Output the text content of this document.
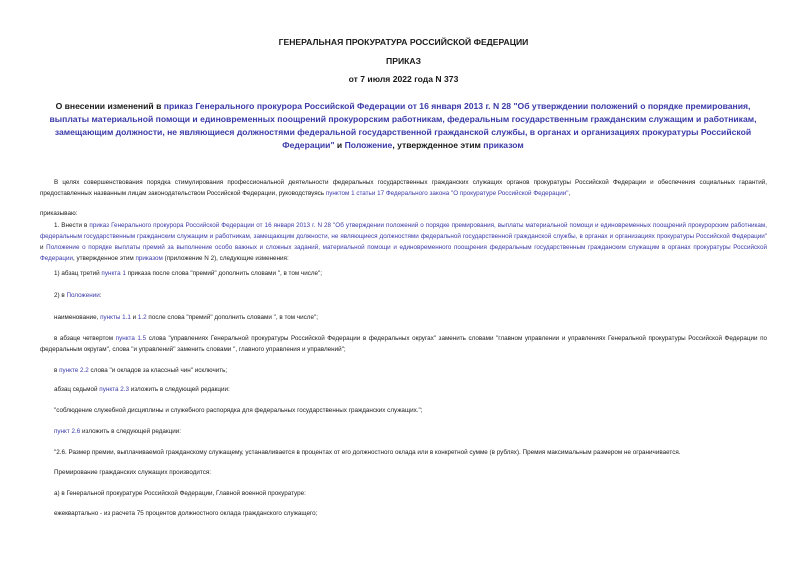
ГЕНЕРАЛЬНАЯ ПРОКУРАТУРА РОССИЙСКОЙ ФЕДЕРАЦИИ
ПРИКАЗ
от 7 июля 2022 года N 373
О внесении изменений в приказ Генерального прокурора Российской Федерации от 16 января 2013 г. N 28 "Об утверждении положений о порядке премирования, выплаты материальной помощи и единовременных поощрений прокурорским работникам, федеральным государственным гражданским служащим и работникам, замещающим должности, не являющиеся должностями федеральной государственной гражданской службы, в органах и организациях прокуратуры Российской Федерации" и Положение, утвержденное этим приказом
В целях совершенствования порядка стимулирования профессиональной деятельности федеральных государственных гражданских служащих органов прокуратуры Российской Федерации и обеспечения социальных гарантий, предоставленных названным лицам законодательством Российской Федерации, руководствуясь пунктом 1 статьи 17 Федерального закона "О прокуратуре Российской Федерации",
приказываю:
1. Внести в приказ Генерального прокурора Российской Федерации от 16 января 2013 г. N 28 "Об утверждении положений о порядке премирования, выплаты материальной помощи и единовременных поощрений прокурорским работникам, федеральным государственным гражданским служащим и работникам, замещающим должности, не являющиеся должностями федеральной государственной гражданской службы, в органах и организациях прокуратуры Российской Федерации" и Положение о порядке выплаты премий за выполнение особо важных и сложных заданий, материальной помощи и единовременного поощрения федеральным государственным гражданским служащим в органах прокуратуры Российской Федерации, утвержденное этим приказом (приложение N 2), следующие изменения:
1) абзац третий пункта 1 приказа после слова "премий" дополнить словами ", в том числе";
2) в Положении:
наименование, пункты 1.1 и 1.2 после слова "премий" дополнить словами ", в том числе";
в абзаце четвертом пункта 1.5 слова "управлениях Генеральной прокуратуры Российской Федерации в федеральных округах" заменить словами "главном управлении и управлениях Генеральной прокуратуры Российской Федерации по федеральным округам", слова "и управлений" заменить словами ", главного управления и управлений";
в пункте 2.2 слова "и окладов за классный чин" исключить;
абзац седьмой пункта 2.3 изложить в следующей редакции:
"соблюдение служебной дисциплины и служебного распорядка для федеральных государственных гражданских служащих.";
пункт 2.6 изложить в следующей редакции:
"2.6. Размер премии, выплачиваемой гражданскому служащему, устанавливается в процентах от его должностного оклада или в конкретной сумме (в рублях). Премия максимальным размером не ограничивается.
Премирование гражданских служащих производится:
а) в Генеральной прокуратуре Российской Федерации, Главной военной прокуратуре:
ежеквартально - из расчета 75 процентов должностного оклада гражданского служащего;
